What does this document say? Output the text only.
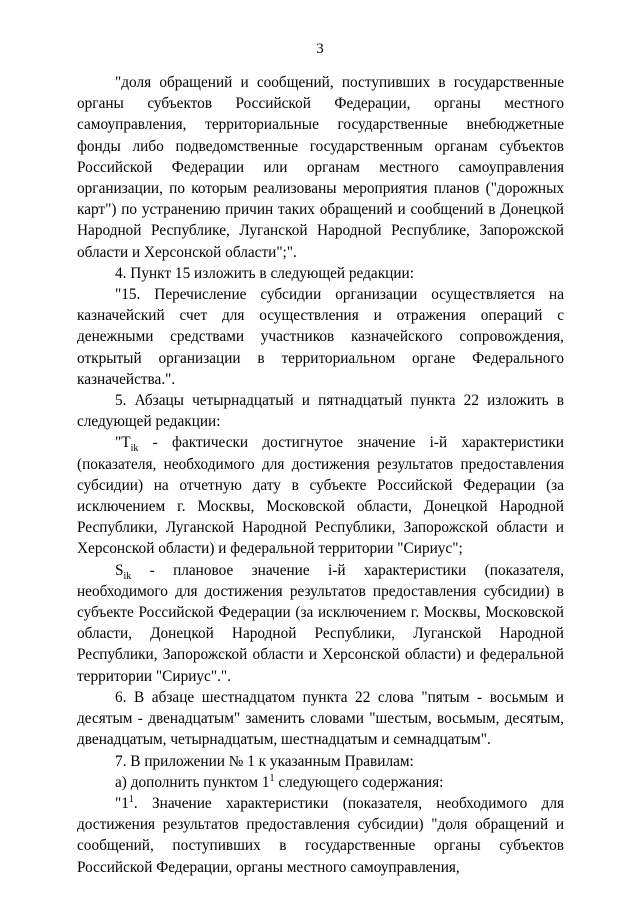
3

"доля обращений и сообщений, поступивших в государственные органы субъектов Российской Федерации, органы местного самоуправления, территориальные государственные внебюджетные фонды либо подведомственные государственным органам субъектов Российской Федерации или органам местного самоуправления организации, по которым реализованы мероприятия планов ("дорожных карт") по устранению причин таких обращений и сообщений в Донецкой Народной Республике, Луганской Народной Республике, Запорожской области и Херсонской области";".

4. Пункт 15 изложить в следующей редакции:

"15. Перечисление субсидии организации осуществляется на казначейский счет для осуществления и отражения операций с денежными средствами участников казначейского сопровождения, открытый организации в территориальном органе Федерального казначейства.".

5. Абзацы четырнадцатый и пятнадцатый пункта 22 изложить в следующей редакции:

"$T_{ik}$ - фактически достигнутое значение i-й характеристики (показателя, необходимого для достижения результатов предоставления субсидии) на отчетную дату в субъекте Российской Федерации (за исключением г. Москвы, Московской области, Донецкой Народной Республики, Луганской Народной Республики, Запорожской области и Херсонской области) и федеральной территории "Сириус";

$S_{ik}$ - плановое значение i-й характеристики (показателя, необходимого для достижения результатов предоставления субсидии) в субъекте Российской Федерации (за исключением г. Москвы, Московской области, Донецкой Народной Республики, Луганской Народной Республики, Запорожской области и Херсонской области) и федеральной территории "Сириус".".

6. В абзаце шестнадцатом пункта 22 слова "пятым - восьмым и десятым - двенадцатым" заменить словами "шестым, восьмым, десятым, двенадцатым, четырнадцатым, шестнадцатым и семнадцатым".

7. В приложении № 1 к указанным Правилам:

а) дополнить пунктом $1^1$ следующего содержания:

"$1^1$. Значение характеристики (показателя, необходимого для достижения результатов предоставления субсидии) "доля обращений и сообщений, поступивших в государственные органы субъектов Российской Федерации, органы местного самоуправления,
